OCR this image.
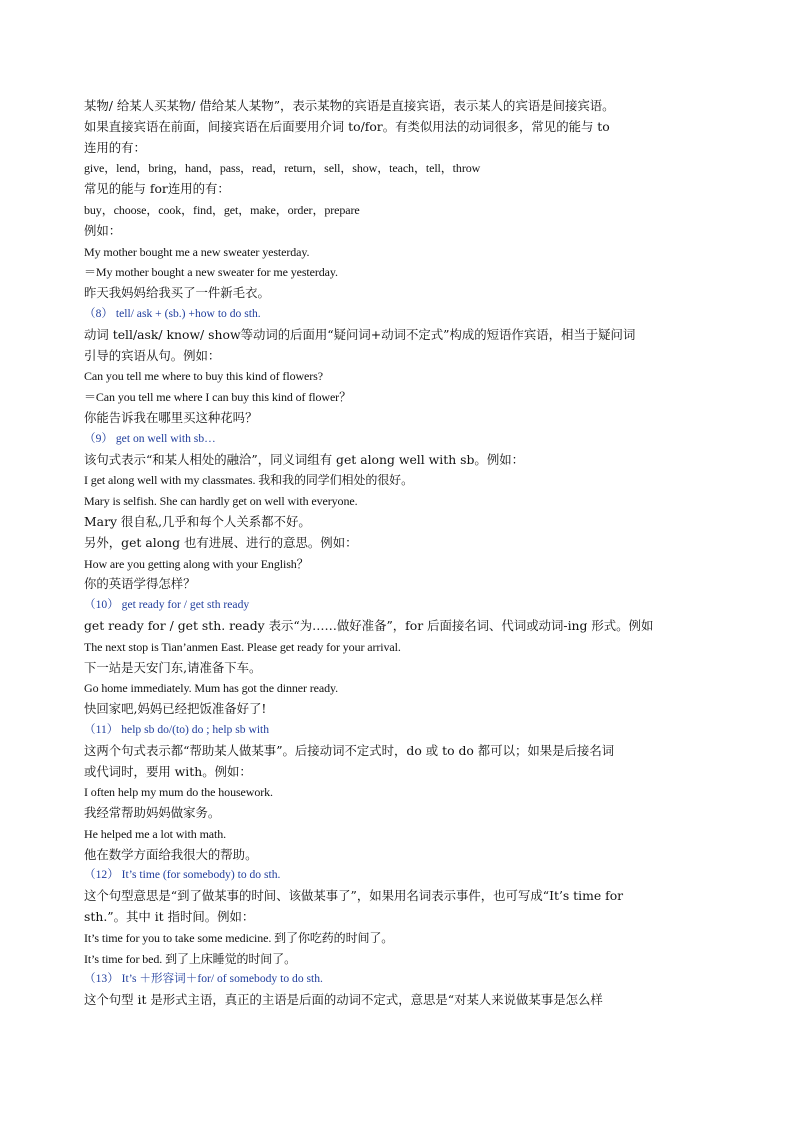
某物/ 给某人买某物/ 借给某人某物”，表示某物的宾语是直接宾语，表示某人的宾语是间接宾语。
如果直接宾语在前面，间接宾语在后面要用介词 to/for。有类似用法的动词很多，常见的能与 to
连用的有：
give，lend，bring，hand，pass，read，return，sell，show，teach，tell，throw
常见的能与 for连用的有：
buy，choose，cook，find，get，make，order，prepare
例如：
My mother bought me a new sweater yesterday.
＝My mother bought a new sweater for me yesterday.
昨天我妈妈给我买了一件新毛衣。
（8） tell/ ask + (sb.) +how to do sth.
动词 tell/ask/ know/ show等动词的后面用“疑问词+动词不定式”构成的短语作宾语，相当于疑问词
引导的宾语从句。例如：
Can you tell me where to buy this kind of flowers?
＝Can you tell me where I can buy this kind of flower？
你能告诉我在哪里买这种花吗？
（9） get on well with sb…
该句式表示“和某人相处的融洽”，同义词组有 get along well with sb。例如：
I get along well with my classmates. 我和我的同学们相处的很好。
Mary is selfish. She can hardly get on well with everyone.
Mary 很自私,几乎和每个人关系都不好。
另外，get along 也有进展、进行的意思。例如：
How are you getting along with your English？
你的英语学得怎样？
（10） get ready for / get sth ready
get ready for / get sth. ready 表示“为……做好准备”，for 后面接名词、代词或动词-ing 形式。例如
The next stop is Tian’anmen East. Please get ready for your arrival.
下一站是天安门东,请准备下车。
Go home immediately. Mum has got the dinner ready.
快回家吧,妈妈已经把饭准备好了!
（11） help sb do/(to) do ; help sb with
这两个句式表示都“帮助某人做某事”。后接动词不定式时，do 或 to do 都可以；如果是后接名词
或代词时，要用 with。例如：
I often help my mum do the housework.
我经常帮助妈妈做家务。
He helped me a lot with math.
他在数学方面给我很大的帮助。
（12） It’s time (for somebody) to do sth.
这个句型意思是“到了做某事的时间、该做某事了”，如果用名词表示事件，也可写成“It’s time for
sth.”。其中 it 指时间。例如：
It’s time for you to take some medicine. 到了你吃药的时间了。
It’s time for bed. 到了上床睡觉的时间了。
（13） It’s ＋形容词＋for/ of somebody to do sth.
这个句型 it 是形式主语，真正的主语是后面的动词不定式，意思是“对某人来说做某事是怎么样
